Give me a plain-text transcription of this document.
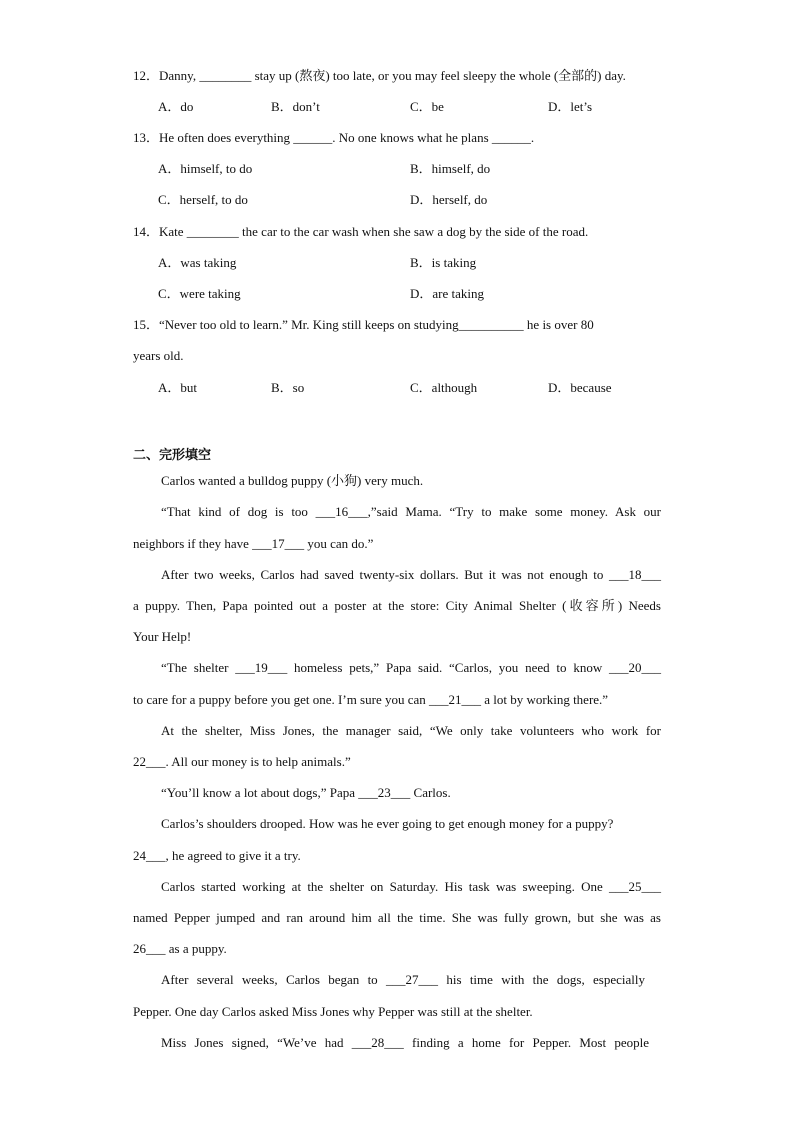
12．Danny, ________ stay up (熬夜) too late, or you may feel sleepy the whole (全部的) day.
A．do	B．don’t	C．be	D．let’s
13．He often does everything ______. No one knows what he plans ______.
A．himself, to do	B．himself, do
C．herself, to do	D．herself, do
14．Kate ________ the car to the car wash when she saw a dog by the side of the road.
A．was taking	B．is taking
C．were taking	D．are taking
15．“Never too old to learn.” Mr. King still keeps on studying__________ he is over 80
years old.
A．but	B．so	C．although	D．because
二、完形填空
Carlos wanted a bulldog puppy (小狗) very much.
“That kind of dog is too ___16___,”said Mama. “Try to make some money. Ask our
neighbors if they have ___17___ you can do.”
After two weeks, Carlos had saved twenty-six dollars. But it was not enough to ___18___
a puppy. Then, Papa pointed out a poster at the store: City Animal Shelter (收容所) Needs
Your Help!
“The shelter ___19___ homeless pets,” Papa said. “Carlos, you need to know ___20___
to care for a puppy before you get one. I’m sure you can ___21___ a lot by working there.”
At the shelter, Miss Jones, the manager said, “We only take volunteers who work for
22___. All our money is to help animals.”
“You’ll know a lot about dogs,” Papa ___23___ Carlos.
Carlos’s shoulders drooped. How was he ever going to get enough money for a puppy?
24___, he agreed to give it a try.
Carlos started working at the shelter on Saturday. His task was sweeping. One ___25___
named Pepper jumped and ran around him all the time. She was fully grown, but she was as
26___ as a puppy.
After several weeks, Carlos began to ___27___ his time with the dogs, especially
Pepper. One day Carlos asked Miss Jones why Pepper was still at the shelter.
Miss Jones signed, “We’ve had ___28___ finding a home for Pepper. Most people
